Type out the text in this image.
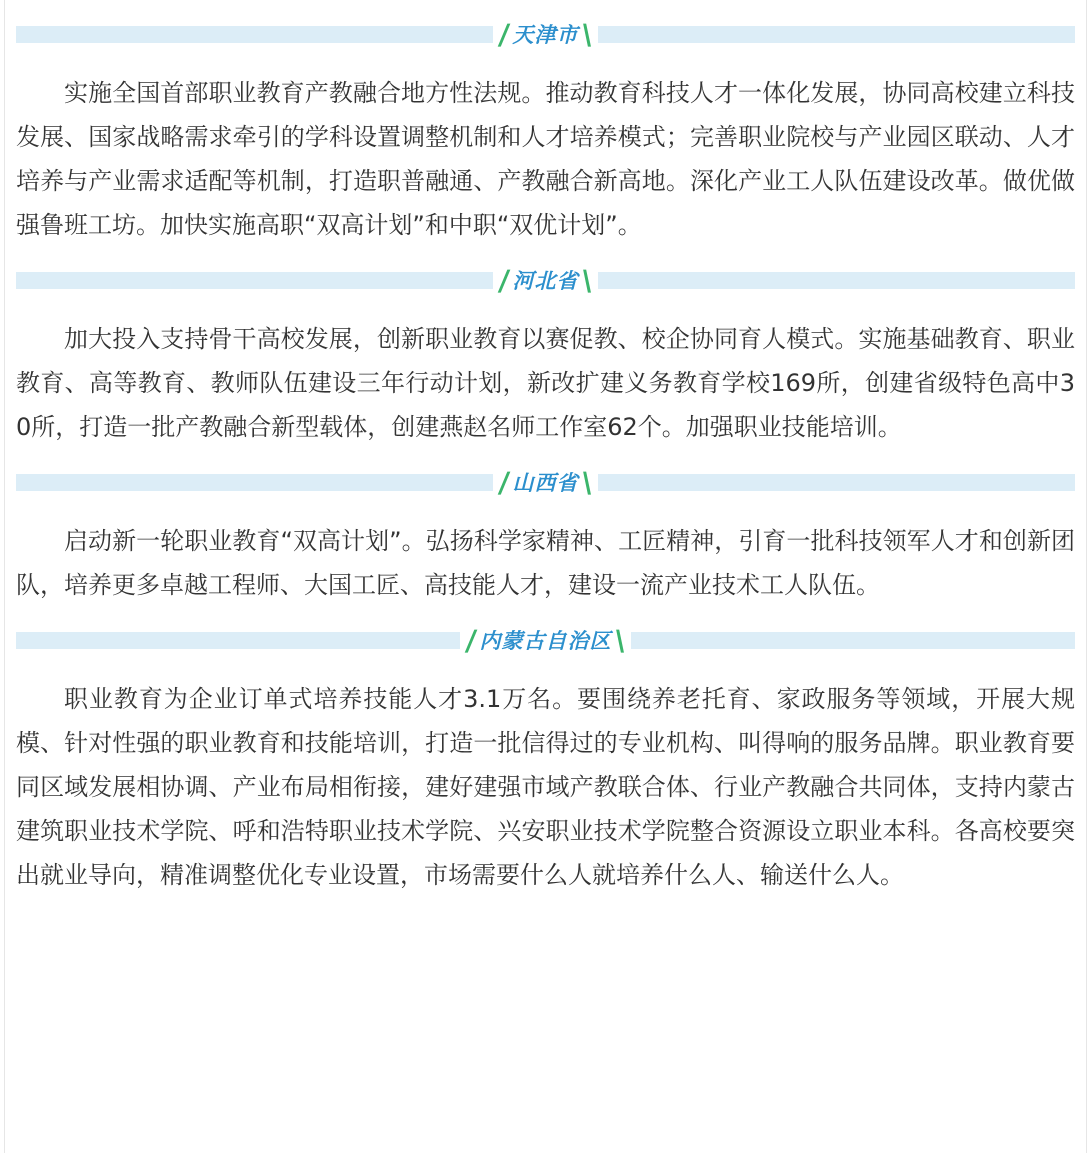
/ 天津市 \

实施全国首部职业教育产教融合地方性法规。推动教育科技人才一体化发展，协同高校建立科技发展、国家战略需求牵引的学科设置调整机制和人才培养模式；完善职业院校与产业园区联动、人才培养与产业需求适配等机制，打造职普融通、产教融合新高地。深化产业工人队伍建设改革。做优做强鲁班工坊。加快实施高职“双高计划”和中职“双优计划”。

/ 河北省 \

加大投入支持骨干高校发展，创新职业教育以赛促教、校企协同育人模式。实施基础教育、职业教育、高等教育、教师队伍建设三年行动计划，新改扩建义务教育学校169所，创建省级特色高中30所，打造一批产教融合新型载体，创建燕赵名师工作室62个。加强职业技能培训。

/ 山西省 \

启动新一轮职业教育“双高计划”。弘扬科学家精神、工匠精神，引育一批科技领军人才和创新团队，培养更多卓越工程师、大国工匠、高技能人才，建设一流产业技术工人队伍。

/ 内蒙古自治区 \

职业教育为企业订单式培养技能人才3.1万名。要围绕养老托育、家政服务等领域，开展大规模、针对性强的职业教育和技能培训，打造一批信得过的专业机构、叫得响的服务品牌。职业教育要同区域发展相协调、产业布局相衔接，建好建强市域产教联合体、行业产教融合共同体，支持内蒙古建筑职业技术学院、呼和浩特职业技术学院、兴安职业技术学院整合资源设立职业本科。各高校要突出就业导向，精准调整优化专业设置，市场需要什么人就培养什么人、输送什么人。
